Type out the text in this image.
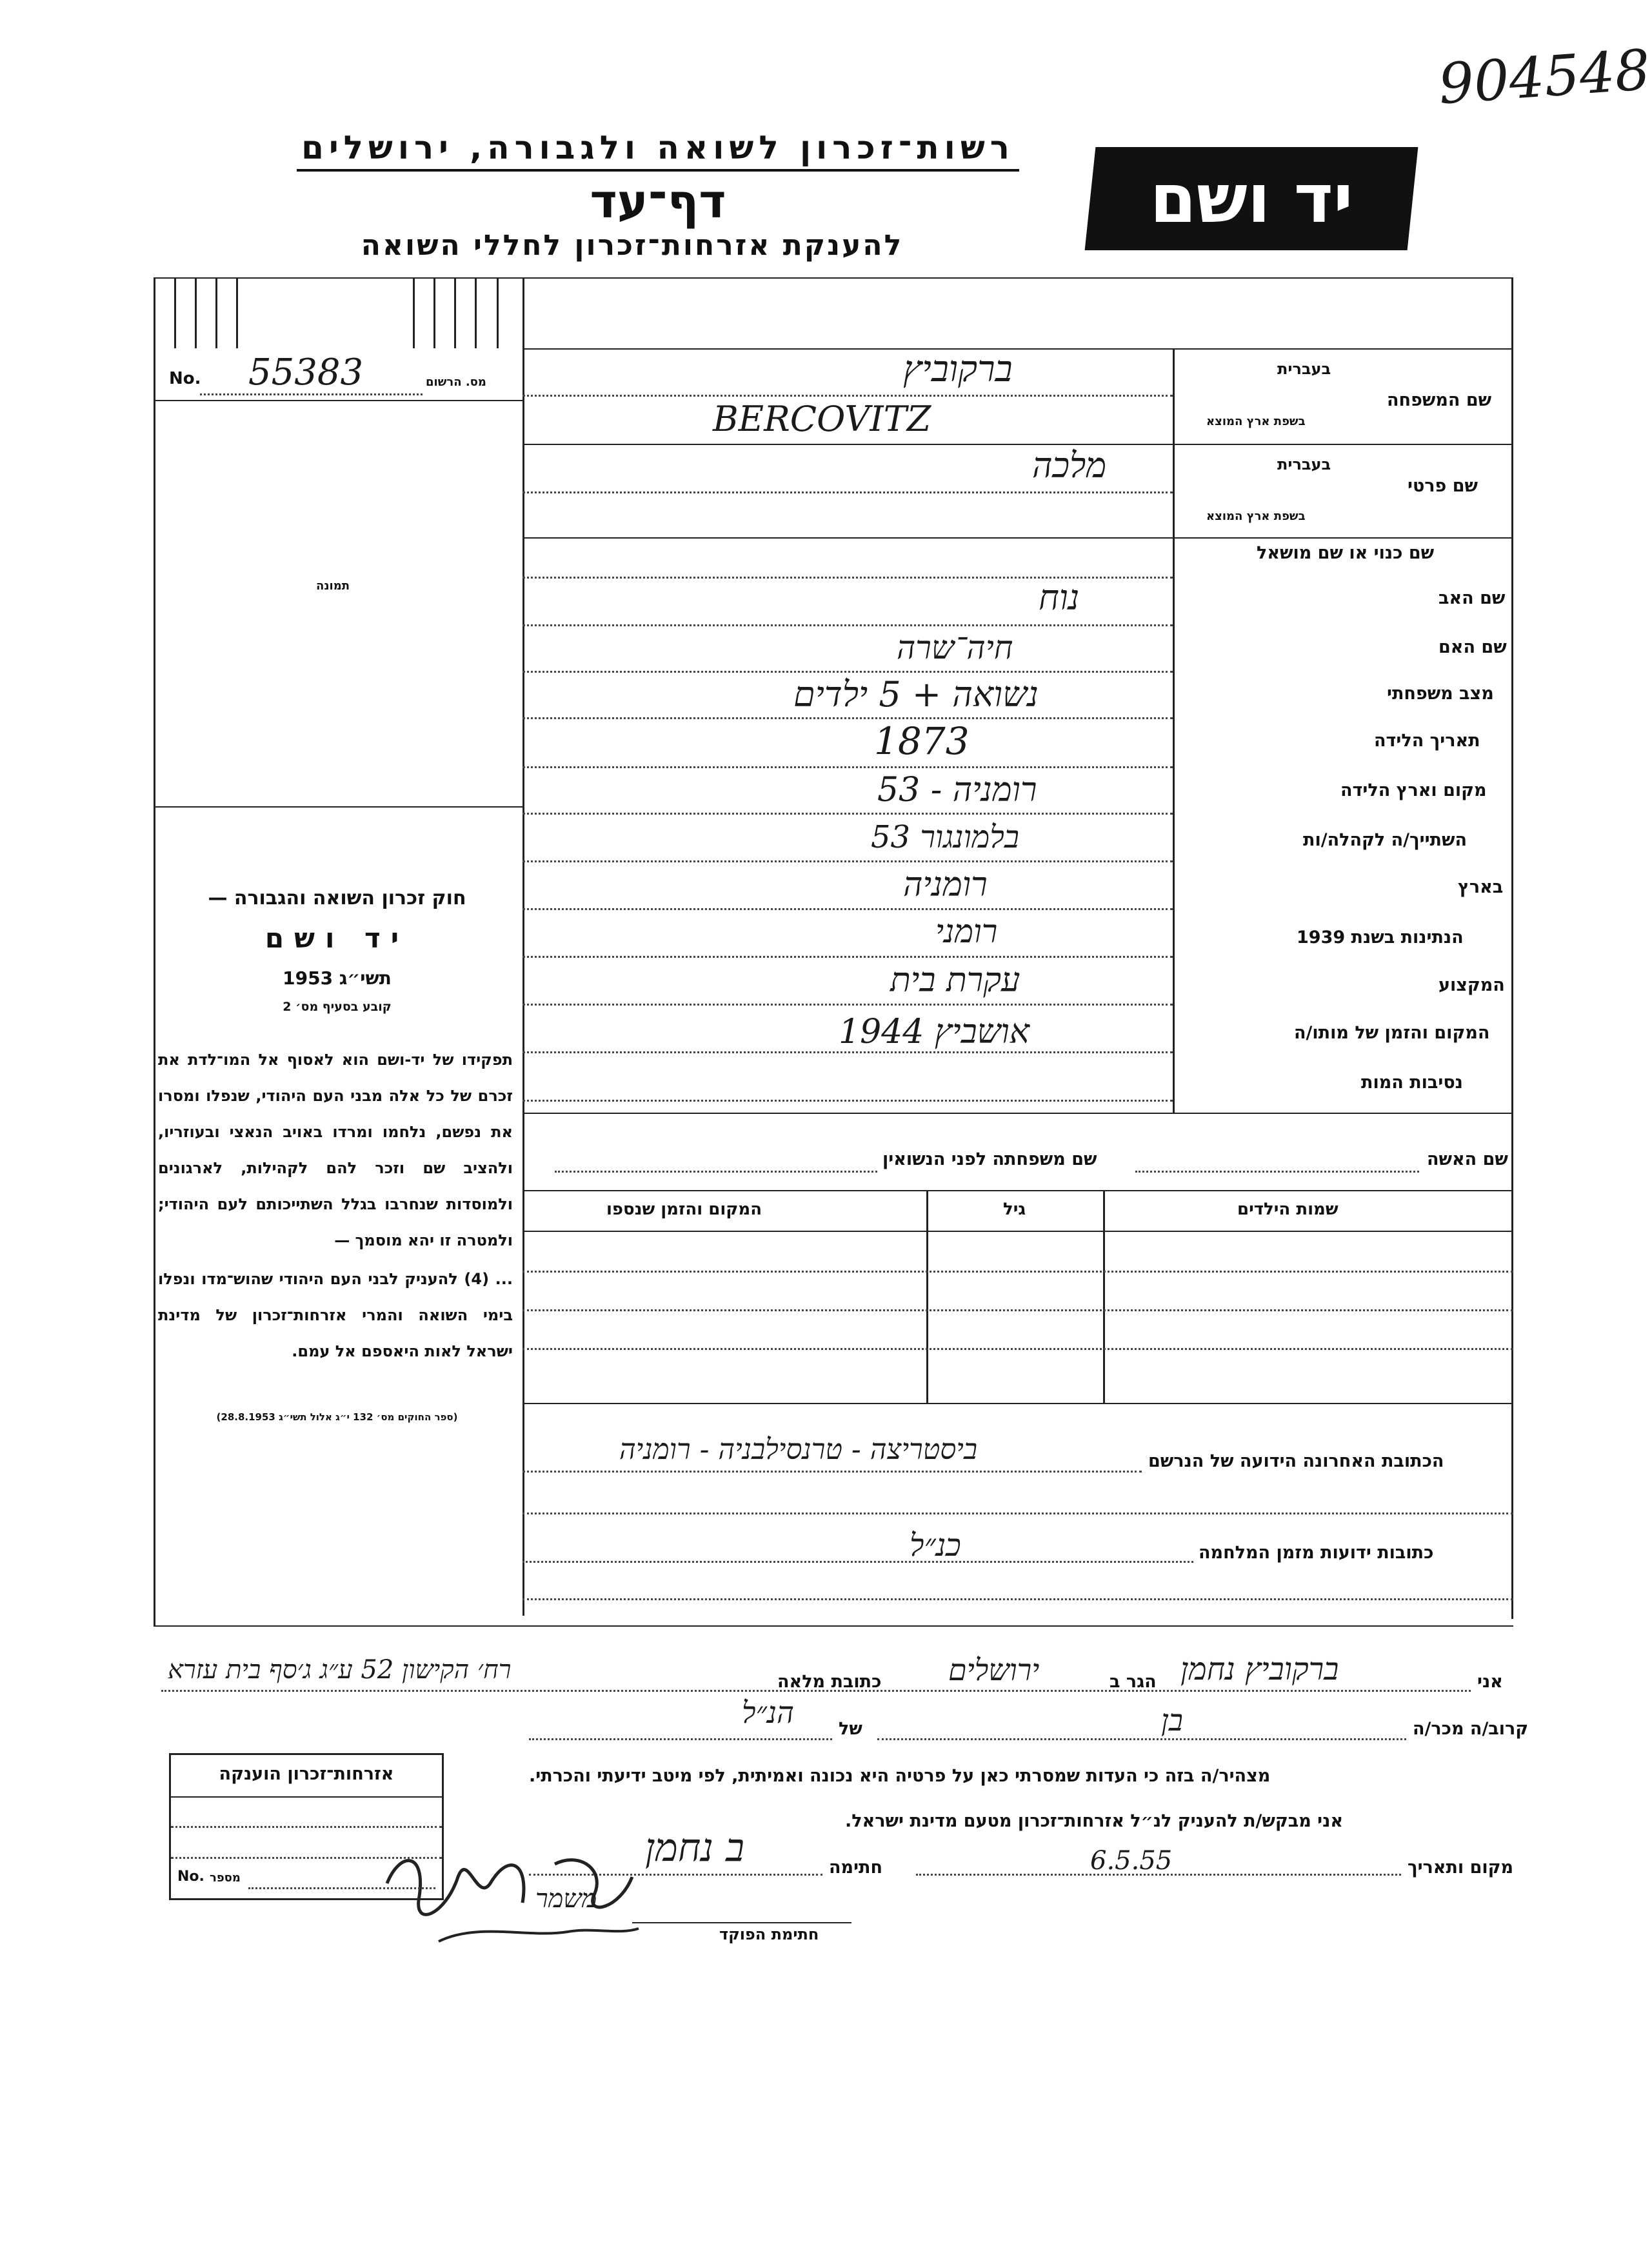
904548
רשות־זכרון לשואה ולגבורה, ירושלים
דף־עד
להענקת אזרחות־זכרון לחללי השואה
יד ושם
No. 55383	מס. הרשום
תמונה
חוק זכרון השואה והגבורה —
יד ושם
תשי״ג 1953
קובע בסעיף מס׳ 2
תפקידו של יד-ושם הוא לאסוף אל המו־לדת את זכרם של כל אלה מבני העם היהודי, שנפלו ומסרו את נפשם, נלחמו ומרדו באויב הנאצי ובעוזריו, ולהציב שם וזכר להם לקהילות, לארגונים ולמוסדות שנחרבו בגלל השתייכותם לעם היהודי; ולמטרה זו יהא מוסמך —
... (4) להעניק לבני העם היהודי שהוש־מדו ונפלו בימי השואה והמרי אזרחות־זכרון של מדינת ישראל לאות היאספם אל עמם.
(ספר החוקים מס׳ 132 י״ג אלול תשי״ג 28.8.1953)
שם המשפחה
בעברית
בשפת ארץ המוצא
ברקוביץ
BERCOVITZ
שם פרטי
בעברית
בשפת ארץ המוצא
מלכה
שם כנוי או שם מושאל
שם האב
נוח
שם האם
חיה־שרה
מצב משפחתי
נשואה + 5 ילדים
תאריך הלידה
1873
מקום וארץ הלידה
רומניה - 53
השתייך/ה לקהלה/ות
בלמונגור 53
בארץ
רומניה
הנתינות בשנת 1939
רומני
המקצוע
עקרת בית
המקום והזמן של מותו/ה
אושביץ 1944
נסיבות המות
שם האשה
שם משפחתה לפני הנשואין
שמות הילדים
גיל
המקום והזמן שנספו
הכתובת האחרונה הידועה של הנרשם
ביסטריצה - טרנסילבניה - רומניה
כתובות ידועות מזמן המלחמה
כנ״ל
אני
ברקוביץ נחמן
הגר ב
ירושלים
כתובת מלאה
רח׳ הקישון 52 ע״ג ג׳סף בית עזרא
קרוב/ה מכר/ה
בן
של
הנ״ל
מצהיר/ה בזה כי העדות שמסרתי כאן על פרטיה היא נכונה ואמיתית, לפי מיטב ידיעתי והכרתי.
אני מבקש/ת להעניק לנ״ל אזרחות־זכרון מטעם מדינת ישראל.
מקום ותאריך
6.5.55
חתימה
ב נחמן
משמר
חתימת הפוקד
אזרחות־זכרון הוענקה
No. מספר
